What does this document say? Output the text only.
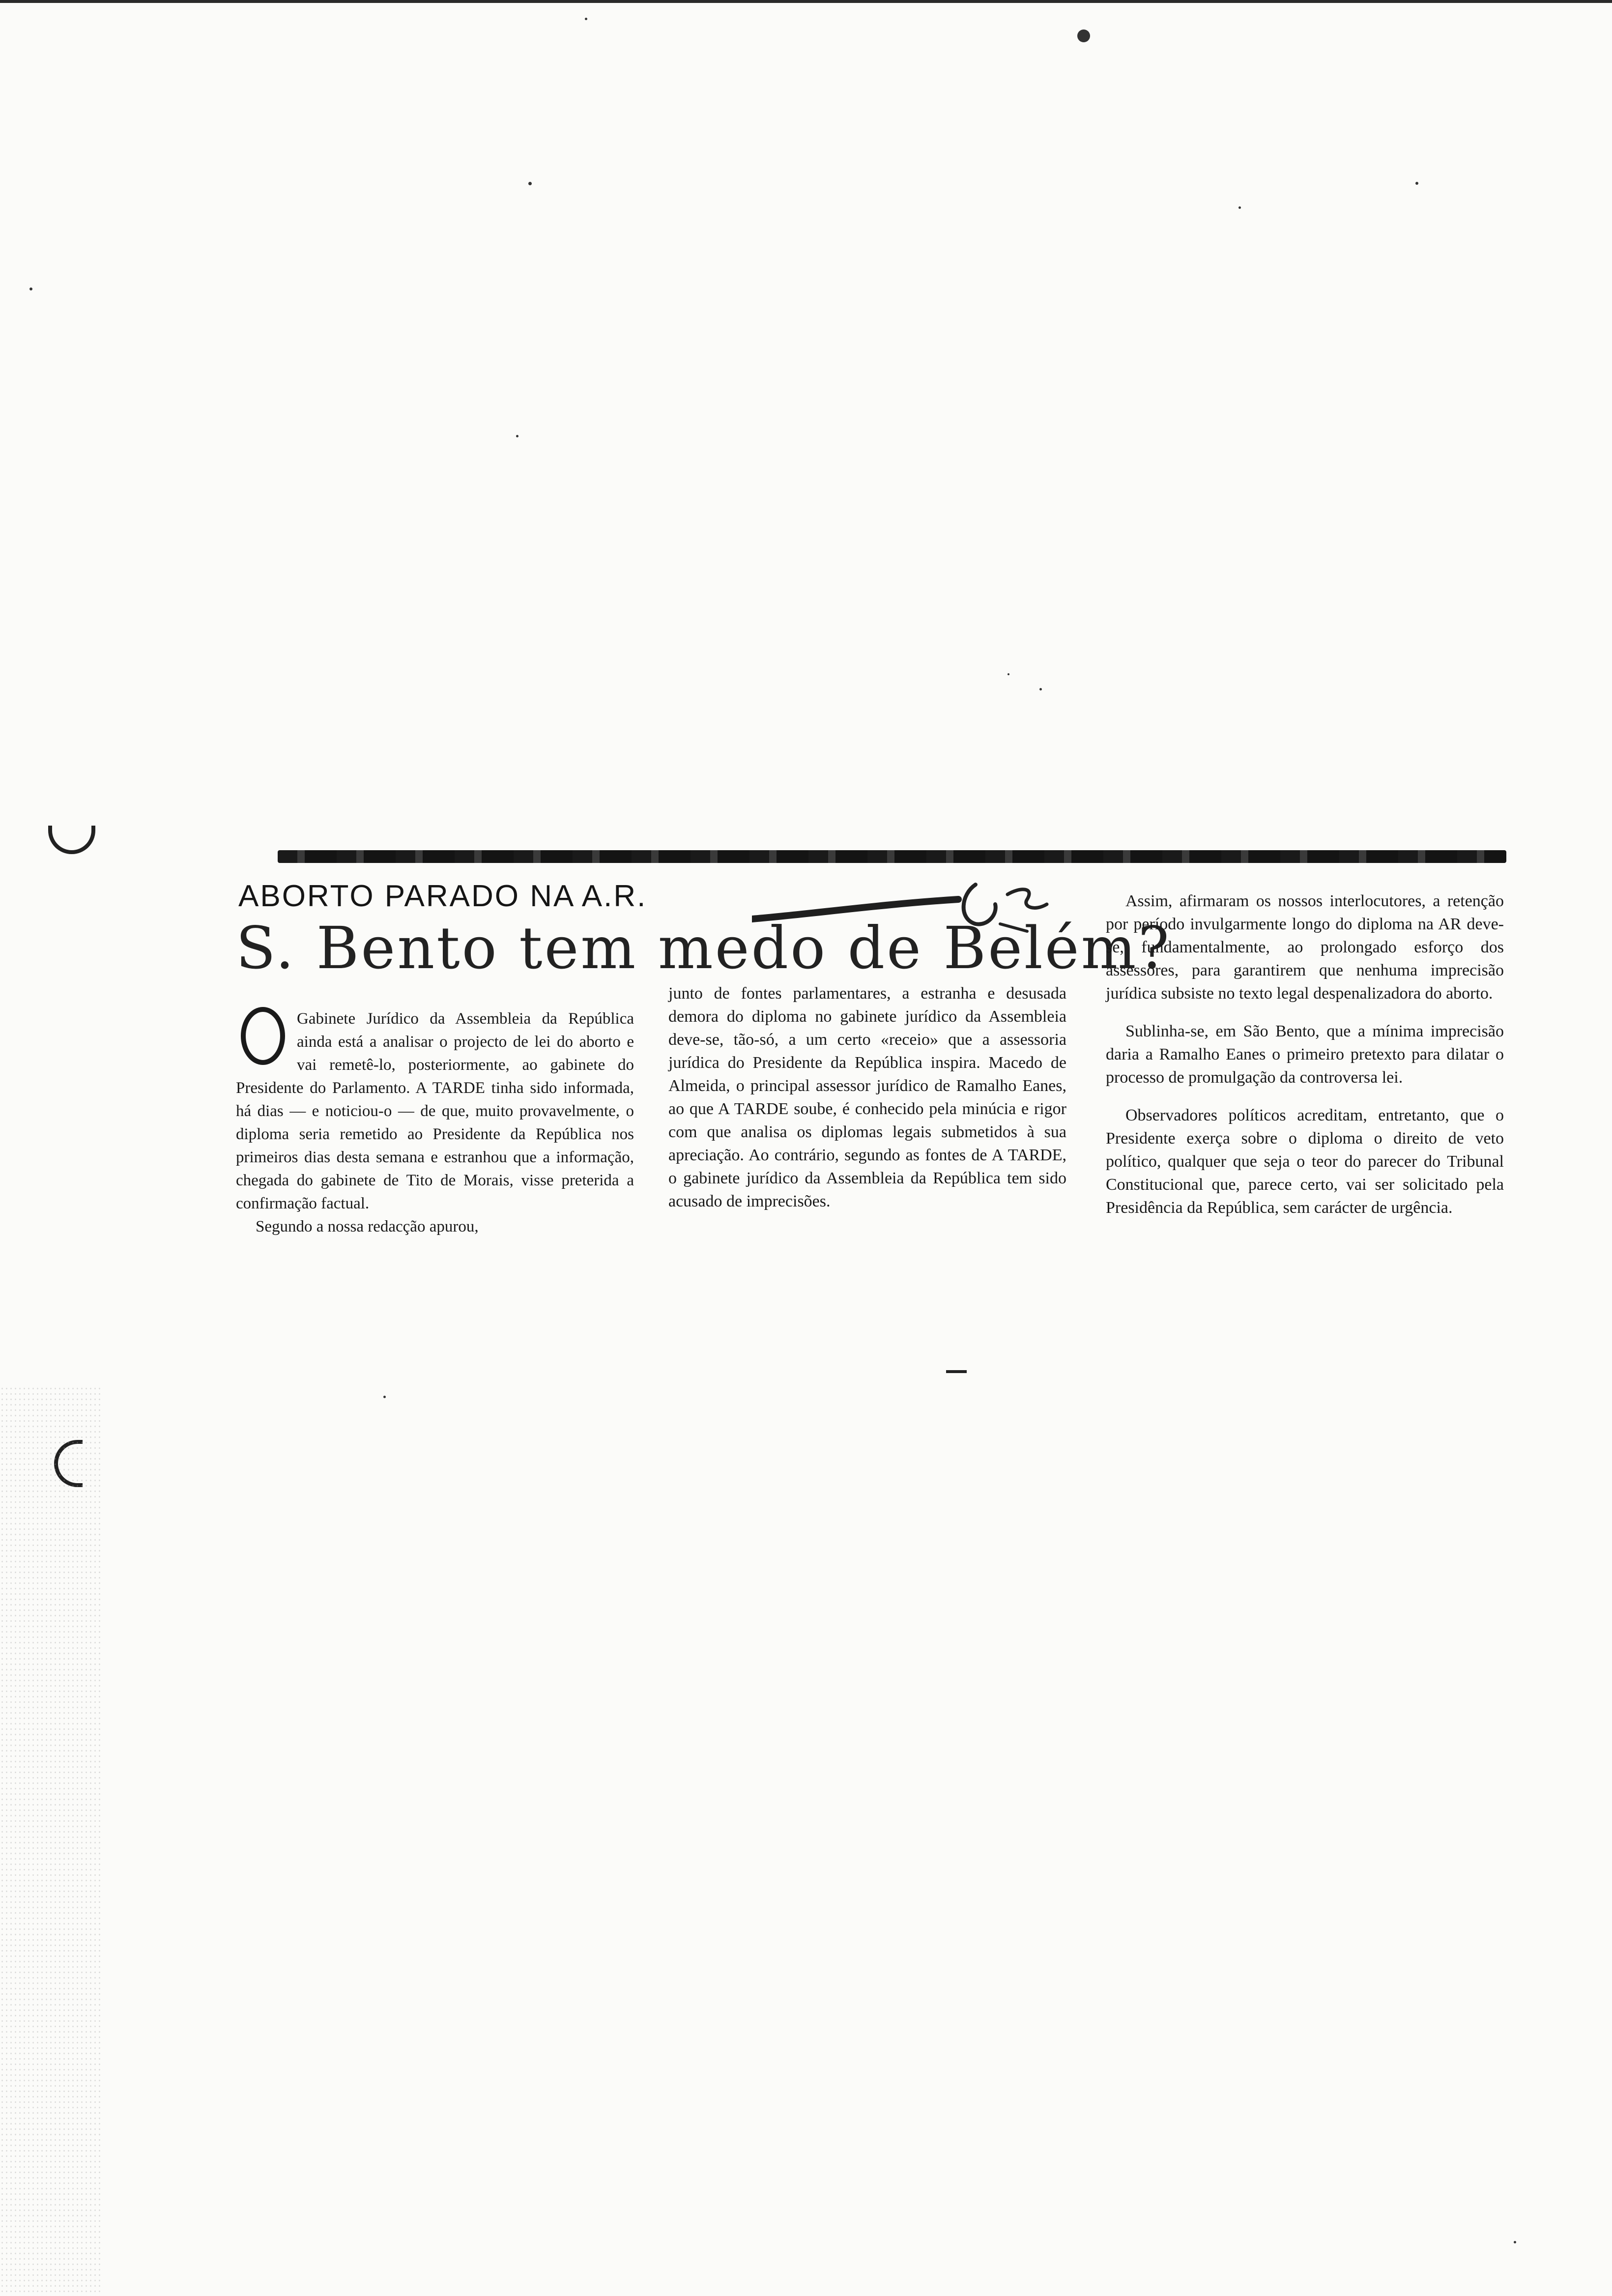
ABORTO PARADO NA A.R.
S. Bento tem medo de Belém?

Gabinete Jurídico da Assembleia da República ainda está a analisar o projecto de lei do aborto e vai remetê-lo, posteriormente, ao gabinete do Presidente do Parlamento. A TARDE tinha sido informada, há dias — e noticiou-o — de que, muito provavelmente, o diploma seria remetido ao Presidente da República nos primeiros dias desta semana e estranhou que a informação, chegada do gabinete de Tito de Morais, visse preterida a confirmação factual.

Segundo a nossa redacção apurou,

junto de fontes parlamentares, a estranha e desusada demora do diploma no gabinete jurídico da Assembleia deve-se, tão-só, a um certo «receio» que a assessoria jurídica do Presidente da República inspira. Macedo de Almeida, o principal assessor jurídico de Ramalho Eanes, ao que A TARDE soube, é conhecido pela minúcia e rigor com que analisa os diplomas legais submetidos à sua apreciação. Ao contrário, segundo as fontes de A TARDE, o gabinete jurídico da Assembleia da República tem sido acusado de imprecisões.

Assim, afirmaram os nossos interlocutores, a retenção por período invulgarmente longo do diploma na AR deve-se, fundamentalmente, ao prolongado esforço dos assessores, para garantirem que nenhuma imprecisão jurídica subsiste no texto legal despenalizadora do aborto.

Sublinha-se, em São Bento, que a mínima imprecisão daria a Ramalho Eanes o primeiro pretexto para dilatar o processo de promulgação da controversa lei.

Observadores políticos acreditam, entretanto, que o Presidente exerça sobre o diploma o direito de veto político, qualquer que seja o teor do parecer do Tribunal Constitucional que, parece certo, vai ser solicitado pela Presidência da República, sem carácter de urgência.
